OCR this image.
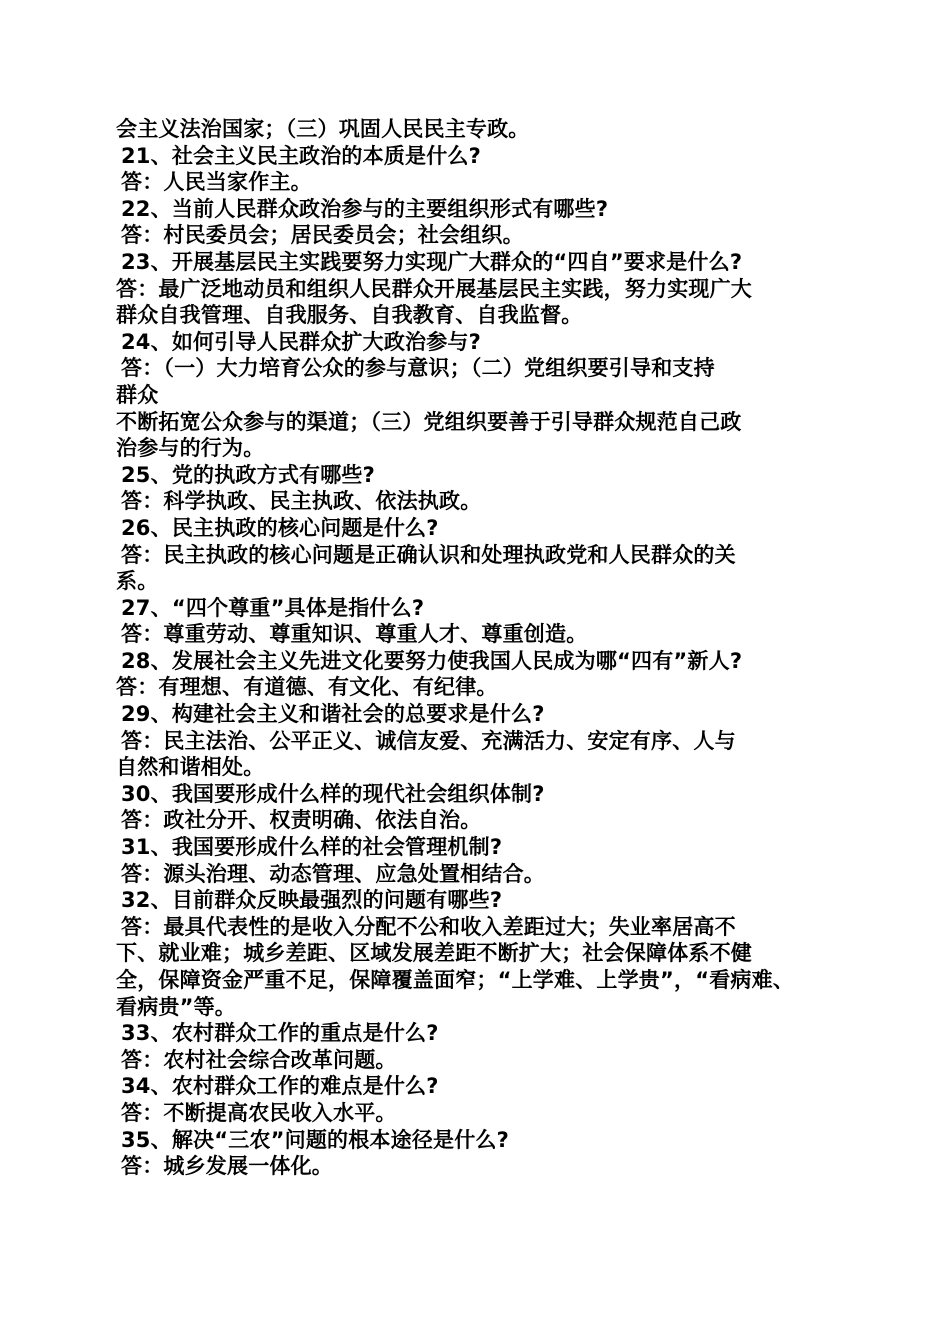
会主义法治国家；（三）巩固人民民主专政。
21、社会主义民主政治的本质是什么?
答：人民当家作主。
22、当前人民群众政治参与的主要组织形式有哪些?
答：村民委员会；居民委员会；社会组织。
23、开展基层民主实践要努力实现广大群众的“四自”要求是什么?
答：最广泛地动员和组织人民群众开展基层民主实践，努力实现广大
群众自我管理、自我服务、自我教育、自我监督。
24、如何引导人民群众扩大政治参与?
答：（一）大力培育公众的参与意识；（二）党组织要引导和支持
群众
不断拓宽公众参与的渠道；（三）党组织要善于引导群众规范自己政
治参与的行为。
25、党的执政方式有哪些?
答：科学执政、民主执政、依法执政。
26、民主执政的核心问题是什么?
答：民主执政的核心问题是正确认识和处理执政党和人民群众的关
系。
27、“四个尊重”具体是指什么?
答：尊重劳动、尊重知识、尊重人才、尊重创造。
28、发展社会主义先进文化要努力使我国人民成为哪“四有”新人?
答：有理想、有道德、有文化、有纪律。
29、构建社会主义和谐社会的总要求是什么?
答：民主法治、公平正义、诚信友爱、充满活力、安定有序、人与
自然和谐相处。
30、我国要形成什么样的现代社会组织体制?
答：政社分开、权责明确、依法自治。
31、我国要形成什么样的社会管理机制?
答：源头治理、动态管理、应急处置相结合。
32、目前群众反映最强烈的问题有哪些?
答：最具代表性的是收入分配不公和收入差距过大；失业率居高不
下、就业难；城乡差距、区域发展差距不断扩大；社会保障体系不健
全，保障资金严重不足，保障覆盖面窄；“上学难、上学贵”，“看病难、
看病贵”等。
33、农村群众工作的重点是什么?
答：农村社会综合改革问题。
34、农村群众工作的难点是什么?
答：不断提高农民收入水平。
35、解决“三农”问题的根本途径是什么?
答：城乡发展一体化。
